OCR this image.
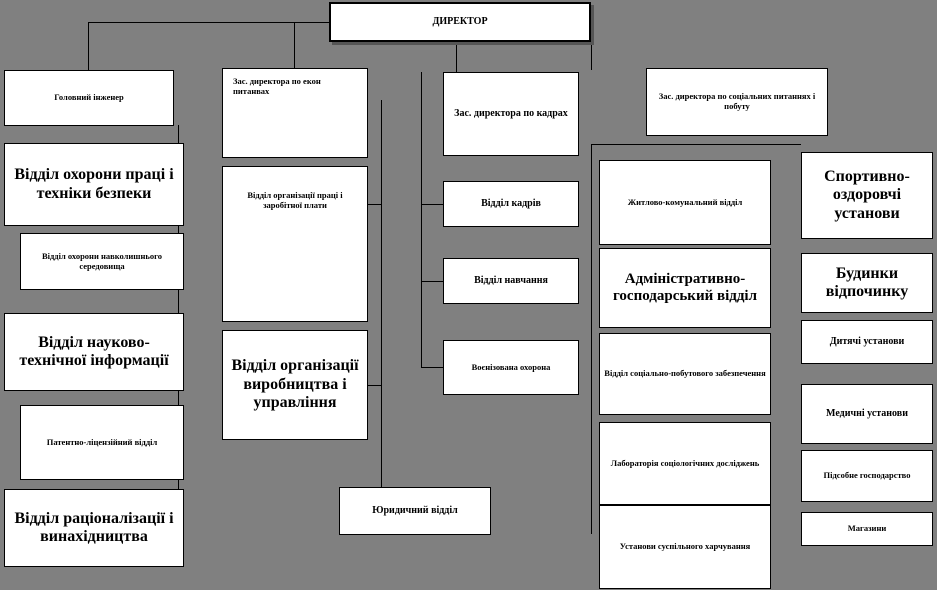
ДИРЕКТОР
Головний інженер
Зас. директора по екон питанвах
Зас. директора по кадрах
Зас. директора по соціальних питаннях і побуту
Відділ охорони праці і техніки безпеки
Відділ охорони навколишнього середовища
Відділ науково-технічної інформації
Патентно-ліцензійний відділ
Відділ раціоналізації і винахідництва
Відділ організації праці і заробітної плати
Відділ організації виробництва і управління
Юридичний відділ
Відділ кадрів
Відділ навчання
Воєнізована охорона
Житлово-комунальний відділ
Адміністративно-господарський відділ
Відділ соціально-побутового забезпечення
Лабораторія соціологічних досліджень
Установи суспільного харчування
Спортивно-оздоровчі установи
Будинки відпочинку
Дитячі установи
Медичні установи
Підсобне господарство
Магазини
